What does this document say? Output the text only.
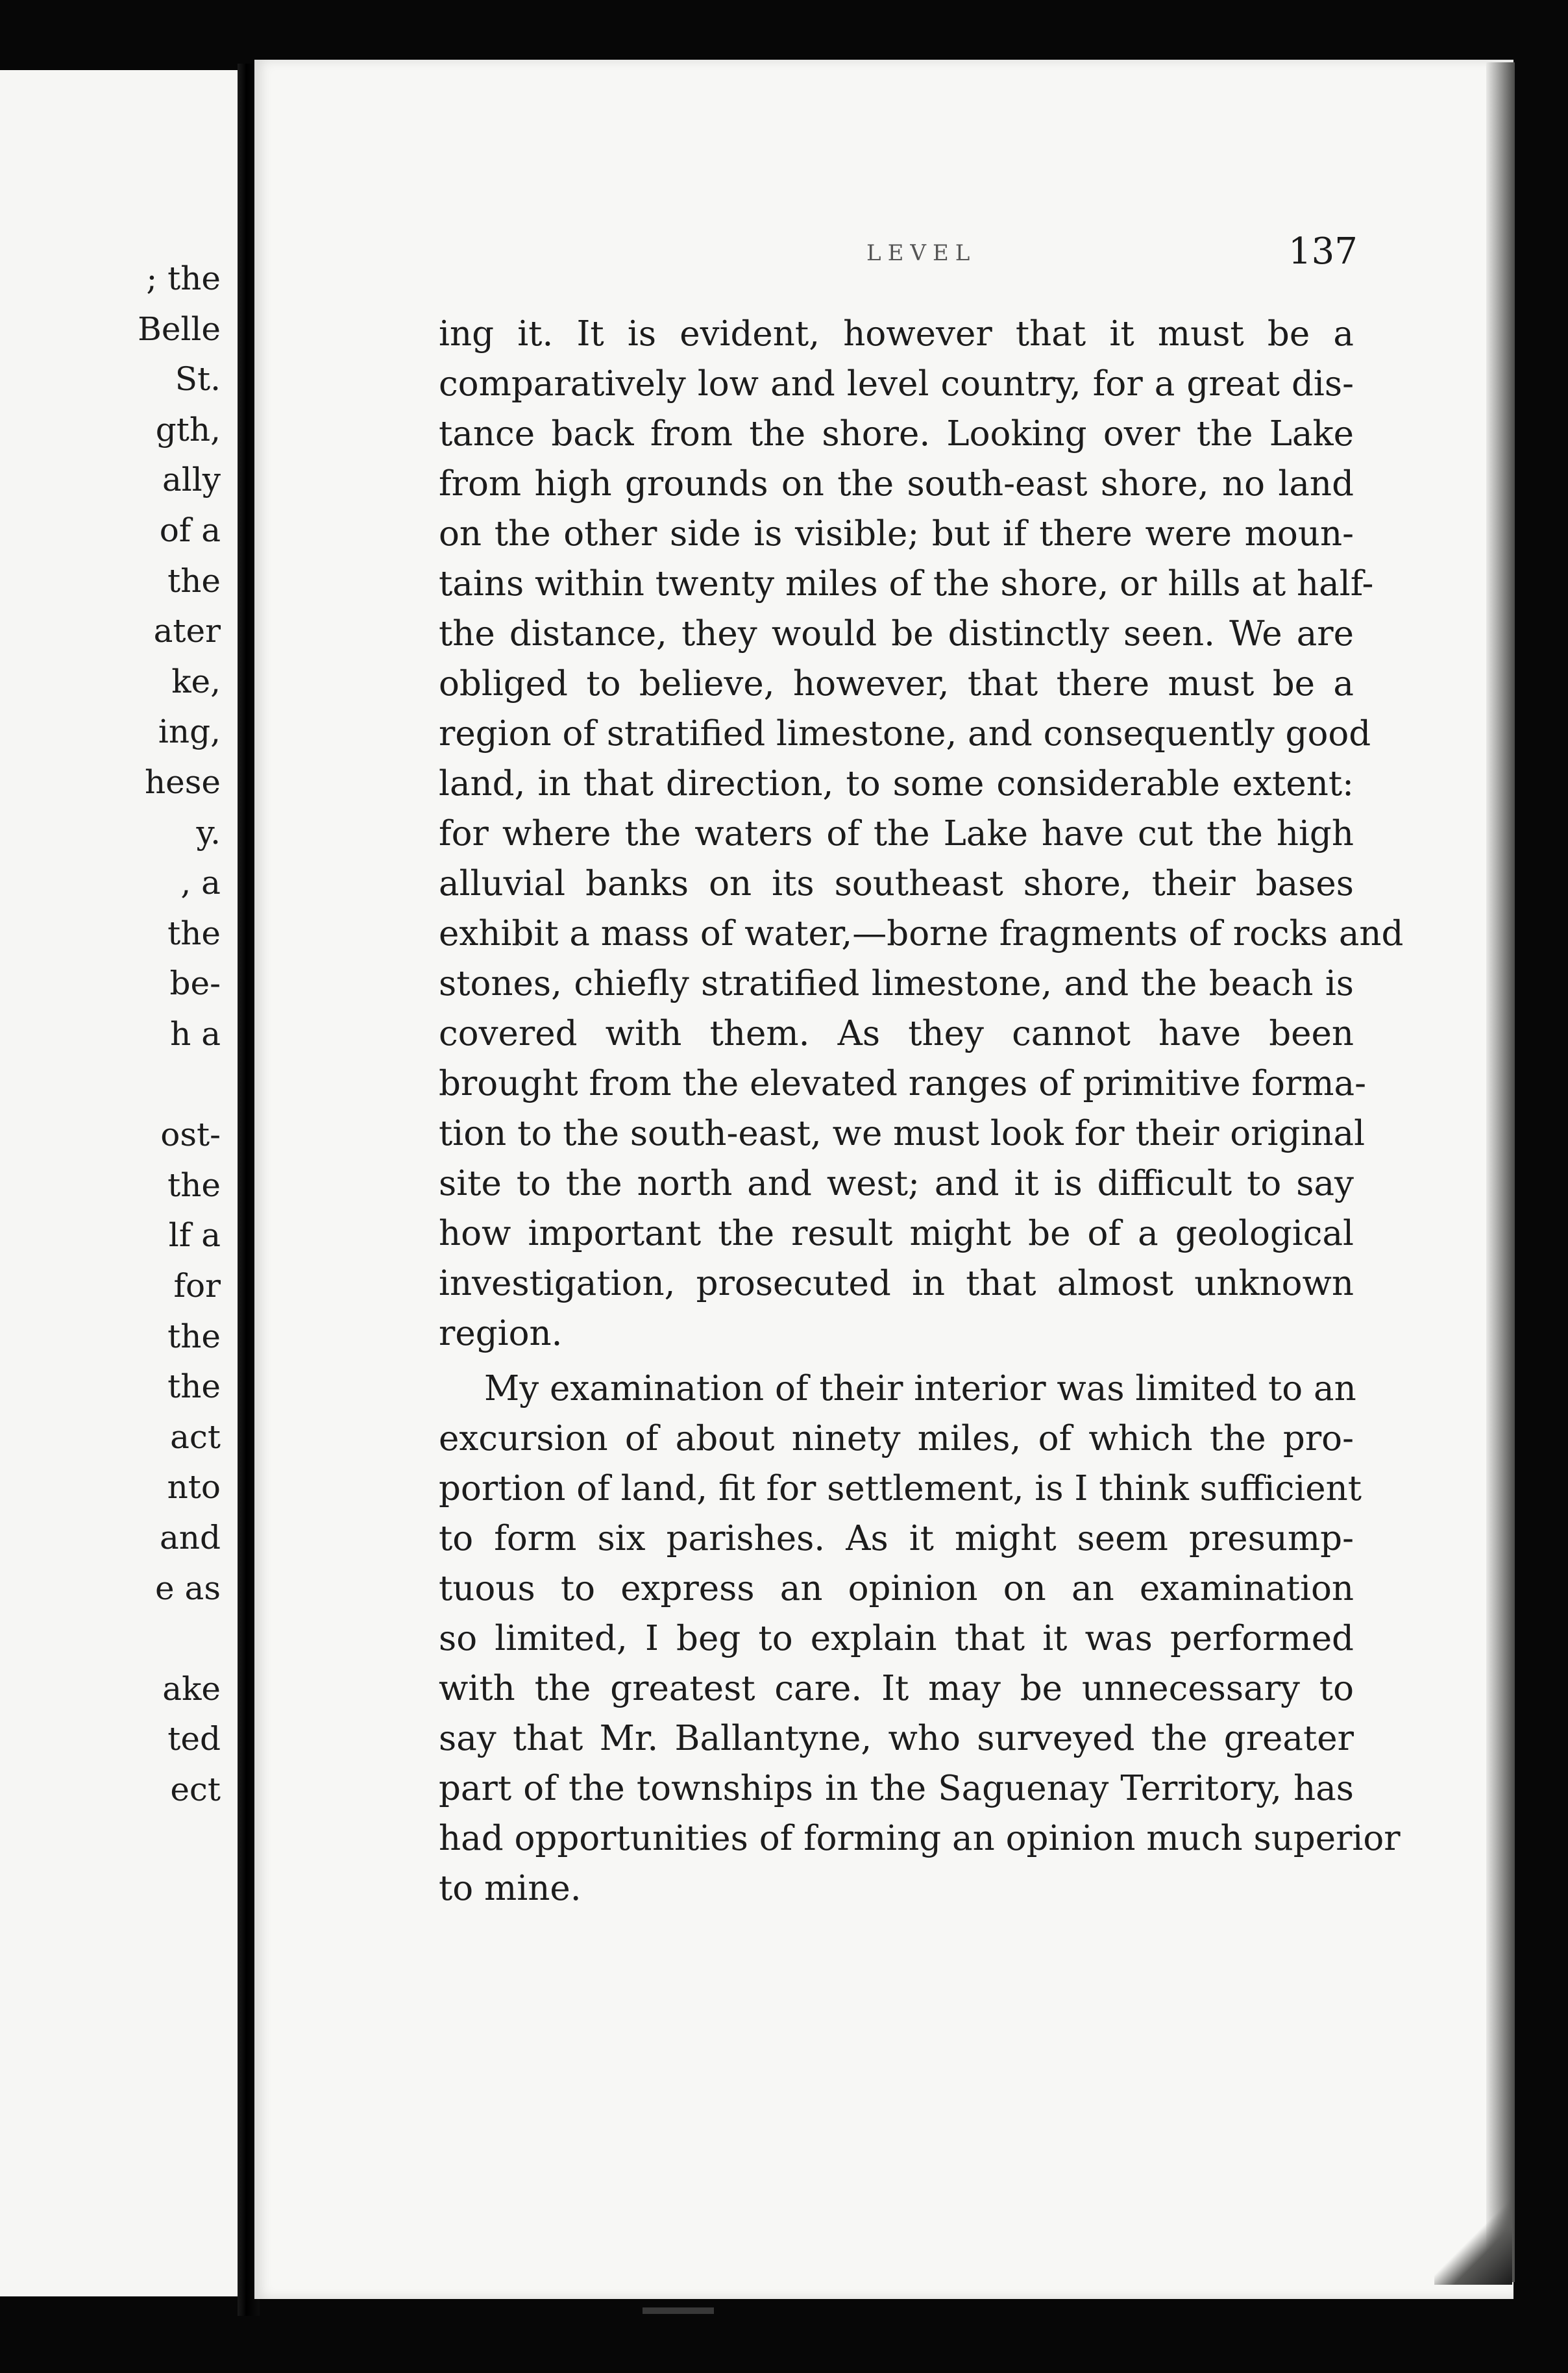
; the
Belle
St.
gth,
ally
of a
the
ater
ke,
ing,
hese
y.
, a
the
be-
h a
ost-
the
lf a
for
the
the
act
nto
and
e as
ake
ted
ect
LEVEL	137
ing it. It is evident, however that it must be a
comparatively low and level country, for a great dis-
tance back from the shore. Looking over the Lake
from high grounds on the south-east shore, no land
on the other side is visible; but if there were moun-
tains within twenty miles of the shore, or hills at half-
the distance, they would be distinctly seen. We are
obliged to believe, however, that there must be a
region of stratified limestone, and consequently good
land, in that direction, to some considerable extent:
for where the waters of the Lake have cut the high
alluvial banks on its southeast shore, their bases
exhibit a mass of water,—borne fragments of rocks and
stones, chiefly stratified limestone, and the beach is
covered with them. As they cannot have been
brought from the elevated ranges of primitive forma-
tion to the south-east, we must look for their original
site to the north and west; and it is difficult to say
how important the result might be of a geological
investigation, prosecuted in that almost unknown
region.
My examination of their interior was limited to an
excursion of about ninety miles, of which the pro-
portion of land, fit for settlement, is I think sufficient
to form six parishes. As it might seem presump-
tuous to express an opinion on an examination
so limited, I beg to explain that it was performed
with the greatest care. It may be unnecessary to
say that Mr. Ballantyne, who surveyed the greater
part of the townships in the Saguenay Territory, has
had opportunities of forming an opinion much superior
to mine.
